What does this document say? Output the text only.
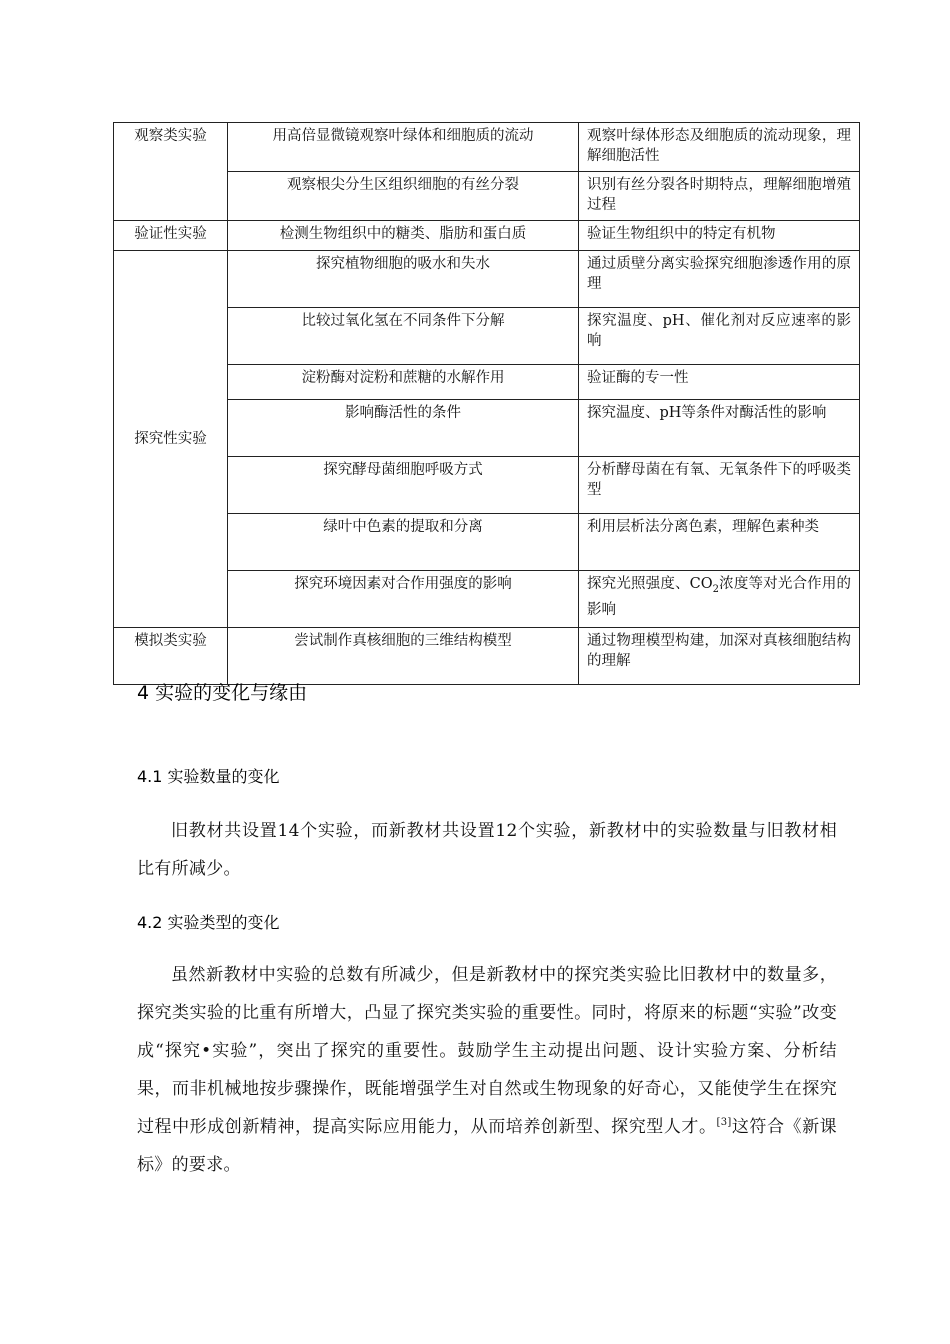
观察类实验	用高倍显微镜观察叶绿体和细胞质的流动	观察叶绿体形态及细胞质的流动现象，理解细胞活性
	观察根尖分生区组织细胞的有丝分裂	识别有丝分裂各时期特点，理解细胞增殖过程
验证性实验	检测生物组织中的糖类、脂肪和蛋白质	验证生物组织中的特定有机物
探究性实验	探究植物细胞的吸水和失水	通过质壁分离实验探究细胞渗透作用的原理
	比较过氧化氢在不同条件下分解	探究温度、pH、催化剂对反应速率的影响
	淀粉酶对淀粉和蔗糖的水解作用	验证酶的专一性
	影响酶活性的条件	探究温度、pH等条件对酶活性的影响
	探究酵母菌细胞呼吸方式	分析酵母菌在有氧、无氧条件下的呼吸类型
	绿叶中色素的提取和分离	利用层析法分离色素，理解色素种类
	探究环境因素对合作用强度的影响	探究光照强度、$CO_2$浓度等对光合作用的影响
模拟类实验	尝试制作真核细胞的三维结构模型	通过物理模型构建，加深对真核细胞结构的理解
4 实验的变化与缘由
4.1 实验数量的变化

旧教材共设置14个实验，而新教材共设置12个实验，新教材中的实验数量与旧教材相比有所减少。

4.2 实验类型的变化

虽然新教材中实验的总数有所减少，但是新教材中的探究类实验比旧教材中的数量多，探究类实验的比重有所增大，凸显了探究类实验的重要性。同时，将原来的标题“实验”改变成“探究•实验”，突出了探究的重要性。鼓励学生主动提出问题、设计实验方案、分析结果，而非机械地按步骤操作，既能增强学生对自然或生物现象的好奇心，又能使学生在探究过程中形成创新精神，提高实际应用能力，从而培养创新型、探究型人才。[3]这符合《新课标》的要求。
